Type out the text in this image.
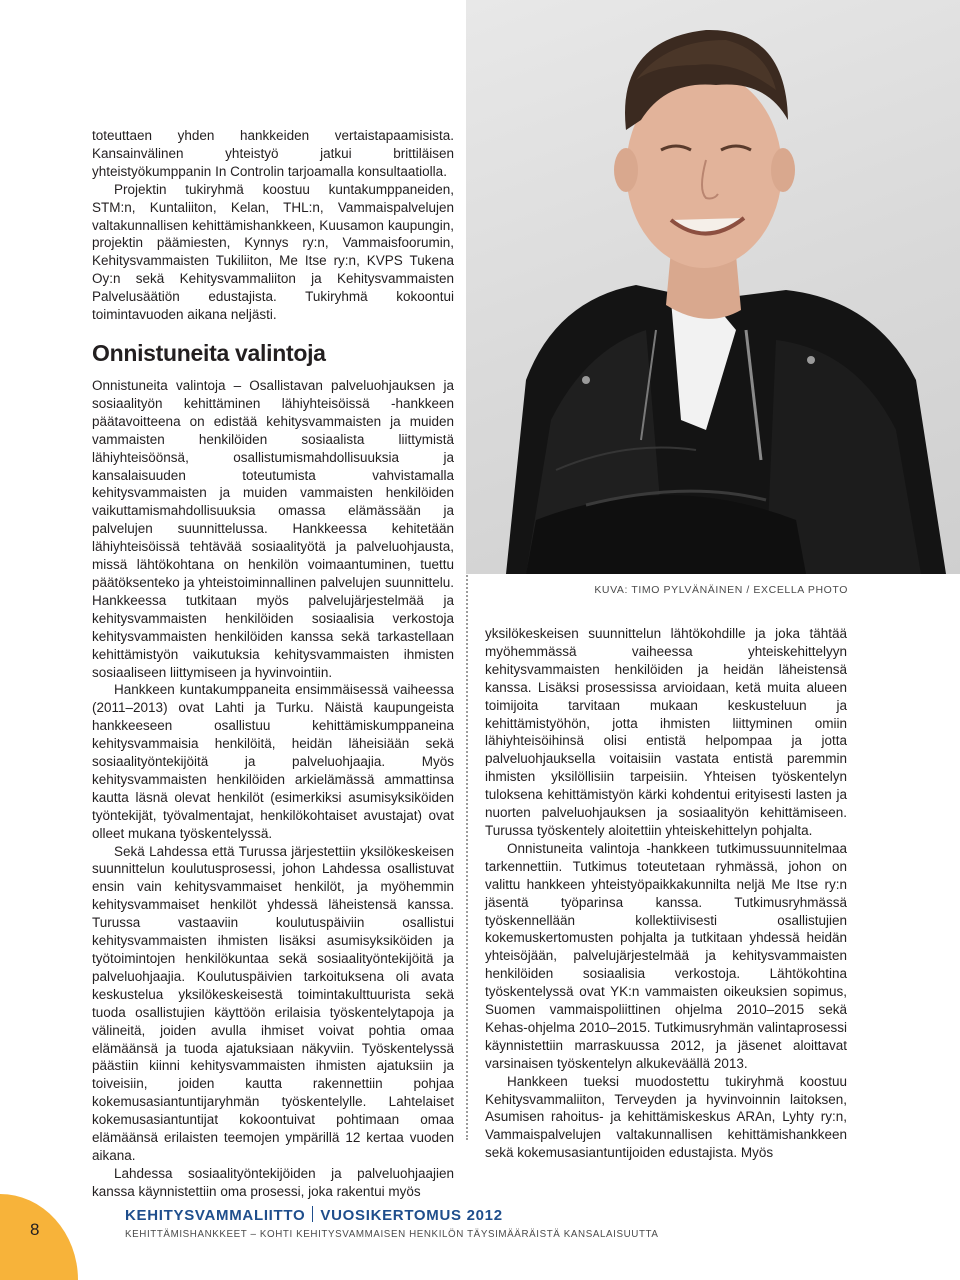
toteuttaen yhden hankkeiden vertaistapaamisista. Kansainvälinen yhteistyö jatkui brittiläisen yhteistyökumppanin In Controlin tarjoamalla konsultaatiolla.

Projektin tukiryhmä koostuu kuntakumppaneiden, STM:n, Kuntaliiton, Kelan, THL:n, Vammaispalvelujen valtakunnallisen kehittämishankkeen, Kuusamon kaupungin, projektin päämiesten, Kynnys ry:n, Vammaisfoorumin, Kehitysvammaisten Tukiliiton, Me Itse ry:n, KVPS Tukena Oy:n sekä Kehitysvammaliiton ja Kehitysvammaisten Palvelusäätiön edustajista. Tukiryhmä kokoontui toimintavuoden aikana neljästi.

Onnistuneita valintoja

Onnistuneita valintoja – Osallistavan palveluohjauksen ja sosiaalityön kehittäminen lähiyhteisöissä -hankkeen päätavoitteena on edistää kehitysvammaisten ja muiden vammaisten henkilöiden sosiaalista liittymistä lähiyhteisöönsä, osallistumismahdollisuuksia ja kansalaisuuden toteutumista vahvistamalla kehitysvammaisten ja muiden vammaisten henkilöiden vaikuttamismahdollisuuksia omassa elämässään ja palvelujen suunnittelussa. Hankkeessa kehitetään lähiyhteisöissä tehtävää sosiaalityötä ja palveluohjausta, missä lähtökohtana on henkilön voimaantuminen, tuettu päätöksenteko ja yhteistoiminnallinen palvelujen suunnittelu. Hankkeessa tutkitaan myös palvelujärjestelmää ja kehitysvammaisten henkilöiden sosiaalisia verkostoja kehitysvammaisten henkilöiden kanssa sekä tarkastellaan kehittämistyön vaikutuksia kehitysvammaisten ihmisten sosiaaliseen liittymiseen ja hyvinvointiin.

Hankkeen kuntakumppaneita ensimmäisessä vaiheessa (2011–2013) ovat Lahti ja Turku. Näistä kaupungeista hankkeeseen osallistuu kehittämiskumppaneina kehitysvammaisia henkilöitä, heidän läheisiään sekä sosiaalityöntekijöitä ja palveluohjaajia. Myös kehitysvammaisten henkilöiden arkielämässä ammattinsa kautta läsnä olevat henkilöt (esimerkiksi asumisyksiköiden työntekijät, työvalmentajat, henkilökohtaiset avustajat) ovat olleet mukana työskentelyssä.

Sekä Lahdessa että Turussa järjestettiin yksilökeskeisen suunnittelun koulutusprosessi, johon Lahdessa osallistuvat ensin vain kehitysvammaiset henkilöt, ja myöhemmin kehitysvammaiset henkilöt yhdessä läheistensä kanssa. Turussa vastaaviin koulutuspäiviin osallistui kehitysvammaisten ihmisten lisäksi asumisyksiköiden ja työtoimintojen henkilökuntaa sekä sosiaalityöntekijöitä ja palveluohjaajia. Koulutuspäivien tarkoituksena oli avata keskustelua yksilökeskeisestä toimintakulttuurista sekä tuoda osallistujien käyttöön erilaisia työskentelytapoja ja välineitä, joiden avulla ihmiset voivat pohtia omaa elämäänsä ja tuoda ajatuksiaan näkyviin. Työskentelyssä päästiin kiinni kehitysvammaisten ihmisten ajatuksiin ja toiveisiin, joiden kautta rakennettiin pohjaa kokemusasiantuntijaryhmän työskentelylle. Lahtelaiset kokemusasiantuntijat kokoontuivat pohtimaan omaa elämäänsä erilaisten teemojen ympärillä 12 kertaa vuoden aikana.

Lahdessa sosiaalityöntekijöiden ja palveluohjaajien kanssa käynnistettiin oma prosessi, joka rakentui myös

KUVA: TIMO PYLVÄNÄINEN / EXCELLA PHOTO

yksilökeskeisen suunnittelun lähtökohdille ja joka tähtää myöhemmässä vaiheessa yhteiskehittelyyn kehitysvammaisten henkilöiden ja heidän läheistensä kanssa. Lisäksi prosessissa arvioidaan, ketä muita alueen toimijoita tarvitaan mukaan keskusteluun ja kehittämistyöhön, jotta ihmisten liittyminen omiin lähiyhteisöihinsä olisi entistä helpompaa ja jotta palveluohjauksella voitaisiin vastata entistä paremmin ihmisten yksilöllisiin tarpeisiin. Yhteisen työskentelyn tuloksena kehittämistyön kärki kohdentui erityisesti lasten ja nuorten palveluohjauksen ja sosiaalityön kehittämiseen. Turussa työskentely aloitettiin yhteiskehittelyn pohjalta.

Onnistuneita valintoja -hankkeen tutkimussuunnitelmaa tarkennettiin. Tutkimus toteutetaan ryhmässä, johon on valittu hankkeen yhteistyöpaikkakunnilta neljä Me Itse ry:n jäsentä työparinsa kanssa. Tutkimusryhmässä työskennellään kollektiivisesti osallistujien kokemuskertomusten pohjalta ja tutkitaan yhdessä heidän yhteisöjään, palvelujärjestelmää ja kehitysvammaisten henkilöiden sosiaalisia verkostoja. Lähtökohtina työskentelyssä ovat YK:n vammaisten oikeuksien sopimus, Suomen vammaispoliittinen ohjelma 2010–2015 sekä Kehas-ohjelma 2010–2015. Tutkimusryhmän valintaprosessi käynnistettiin marraskuussa 2012, ja jäsenet aloittavat varsinaisen työskentelyn alkukeväällä 2013.

Hankkeen tueksi muodostettu tukiryhmä koostuu Kehitysvammaliiton, Terveyden ja hyvinvoinnin laitoksen, Asumisen rahoitus- ja kehittämiskeskus ARAn, Lyhty ry:n, Vammaispalvelujen valtakunnallisen kehittämishankkeen sekä kokemusasiantuntijoiden edustajista. Myös

8
KEHITYSVAMMALIITTO VUOSIKERTOMUS 2012
KEHITTÄMISHANKKEET – KOHTI KEHITYSVAMMAISEN HENKILÖN TÄYSIMÄÄRÄISTÄ KANSALAISUUTTA
